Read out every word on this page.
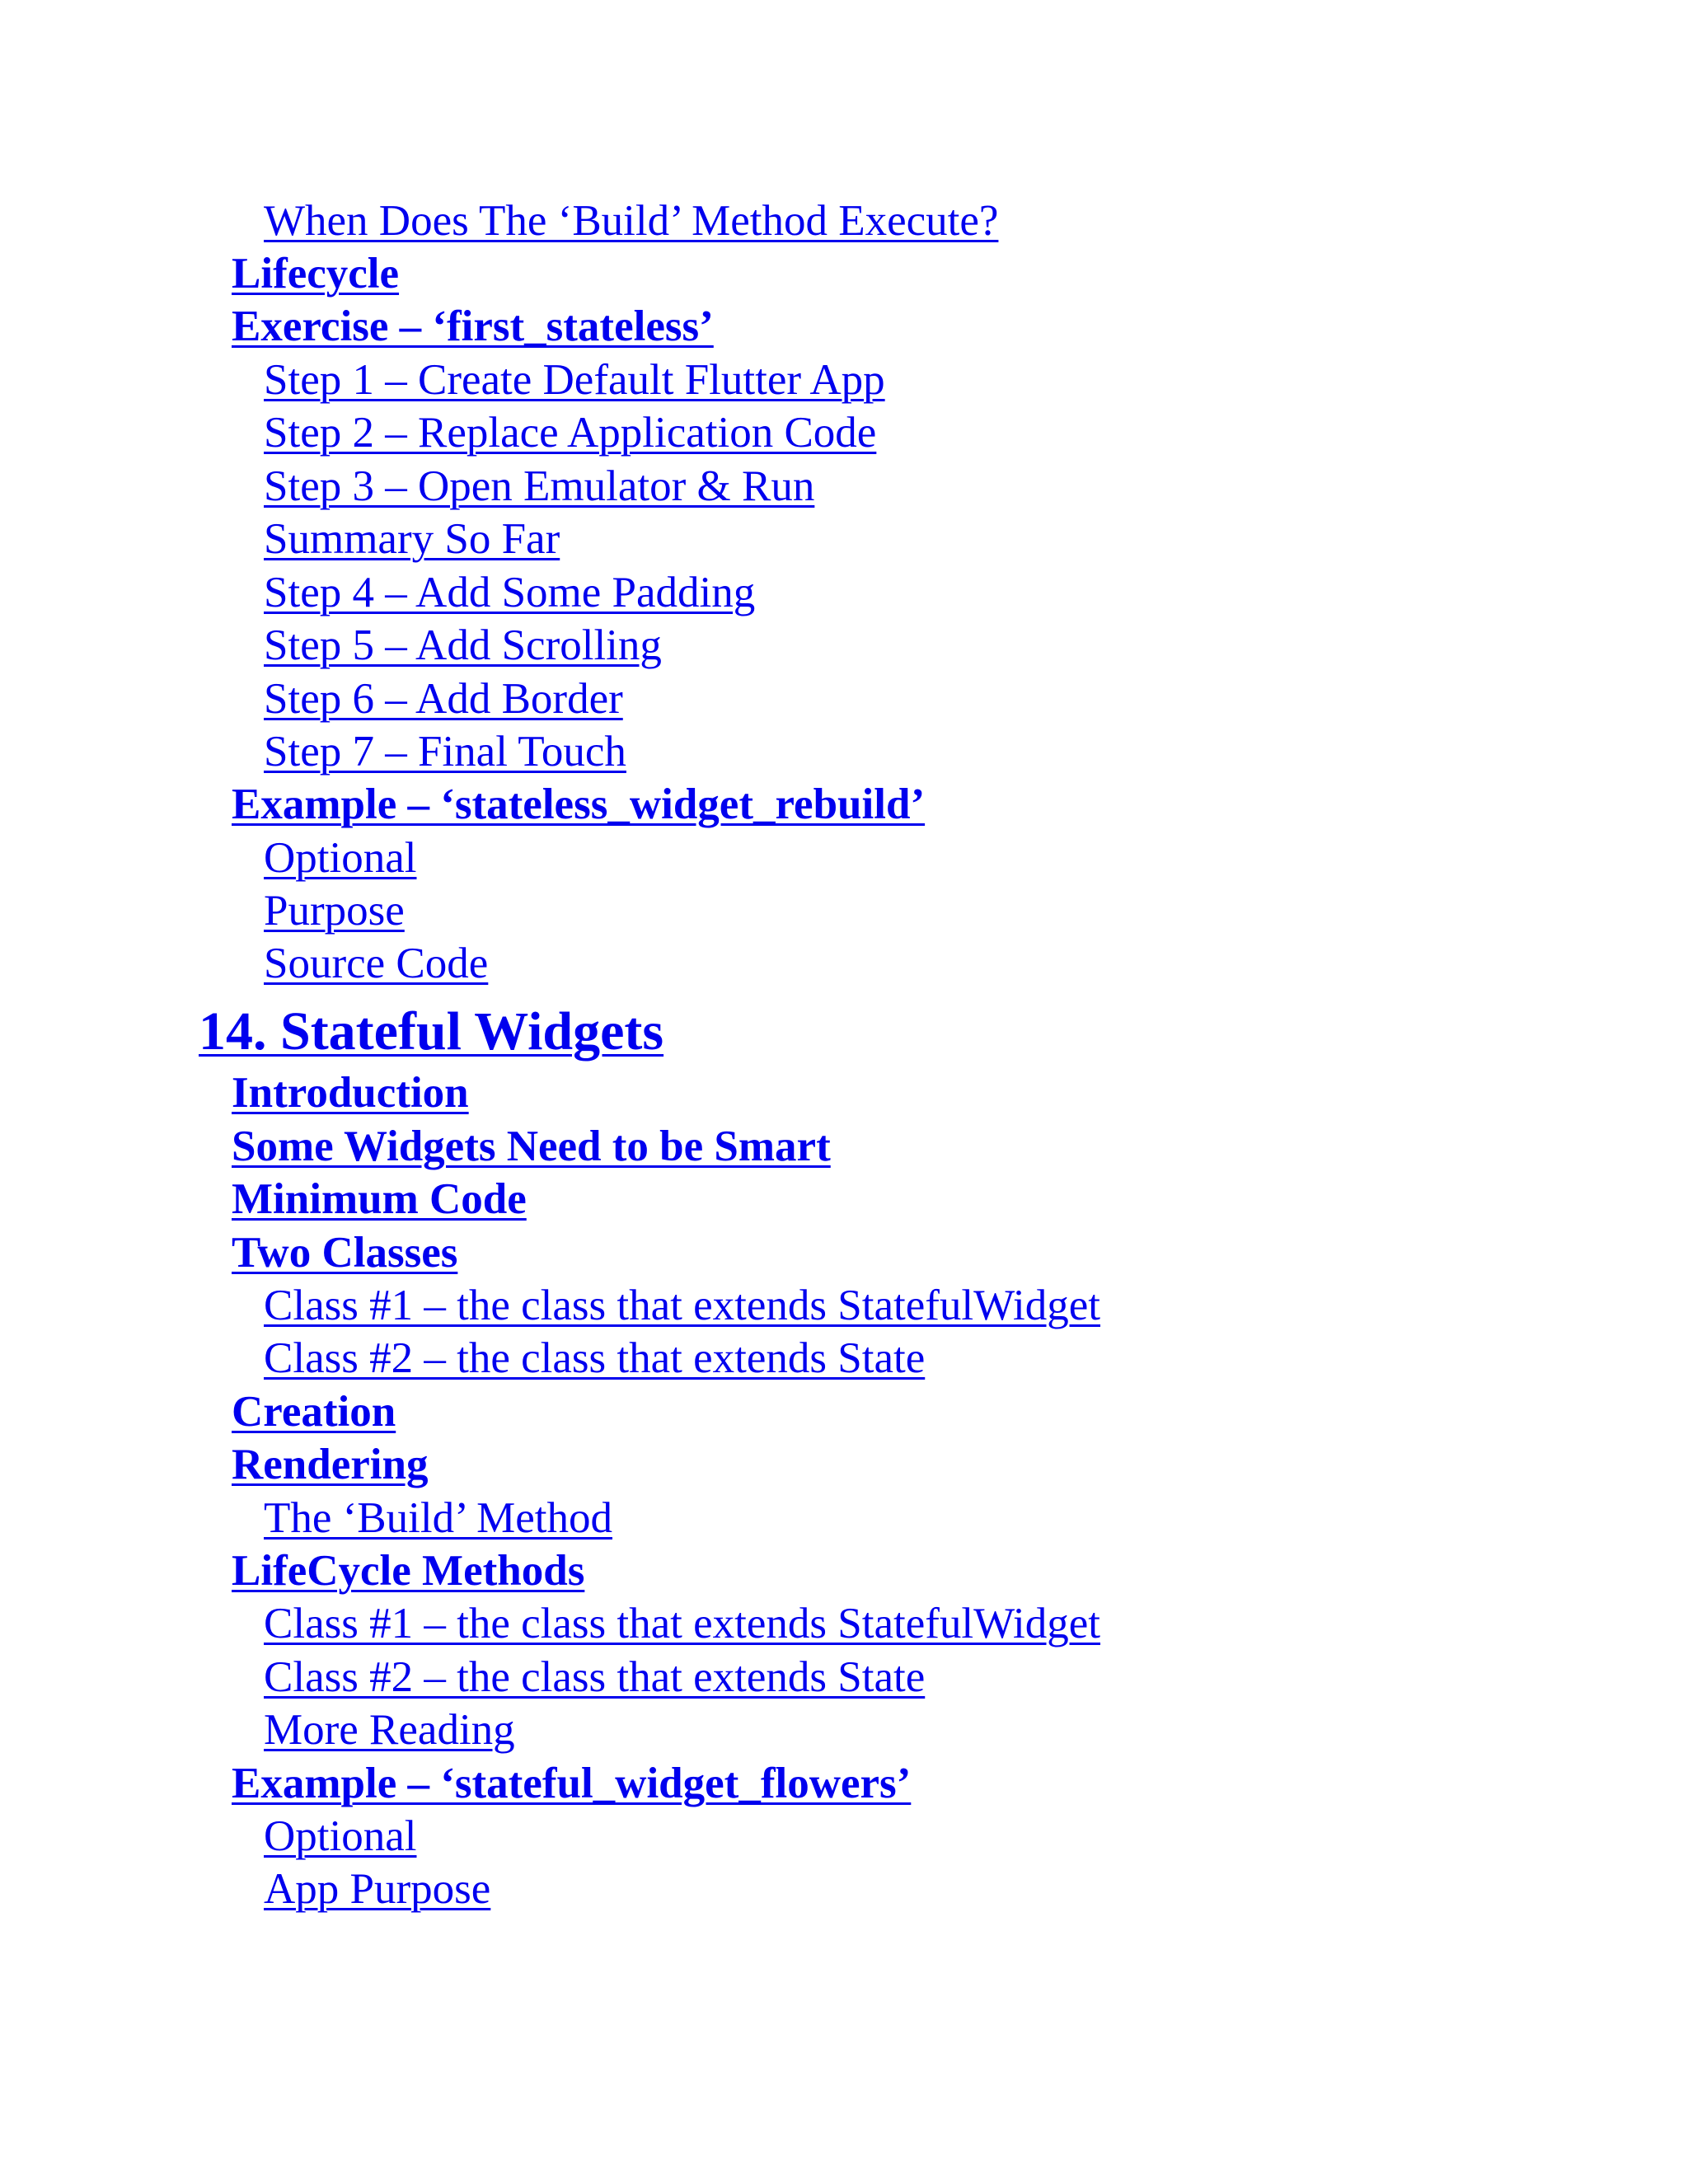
When Does The ‘Build’ Method Execute?
Lifecycle
Exercise – ‘first_stateless’
Step 1 – Create Default Flutter App
Step 2 – Replace Application Code
Step 3 – Open Emulator & Run
Summary So Far
Step 4 – Add Some Padding
Step 5 – Add Scrolling
Step 6 – Add Border
Step 7 – Final Touch
Example – ‘stateless_widget_rebuild’
Optional
Purpose
Source Code
14. Stateful Widgets
Introduction
Some Widgets Need to be Smart
Minimum Code
Two Classes
Class #1 – the class that extends StatefulWidget
Class #2 – the class that extends State
Creation
Rendering
The ‘Build’ Method
LifeCycle Methods
Class #1 – the class that extends StatefulWidget
Class #2 – the class that extends State
More Reading
Example – ‘stateful_widget_flowers’
Optional
App Purpose
